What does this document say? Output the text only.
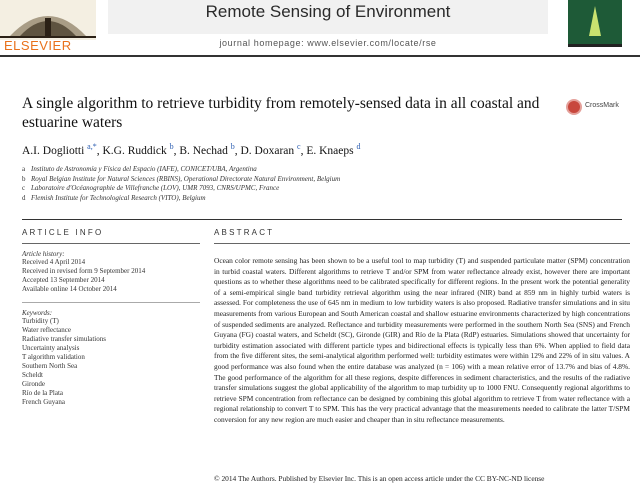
ELSEVIER
Remote Sensing of Environment
journal homepage: www.elsevier.com/locate/rse
A single algorithm to retrieve turbidity from remotely-sensed data in all coastal and estuarine waters
CrossMark
A.I. Dogliotti $^{a,*}$, K.G. Ruddick $^b$, B. Nechad $^b$, D. Doxaran $^c$, E. Knaeps $^d$
a Instituto de Astronomía y Física del Espacio (IAFE), CONICET/UBA, Argentina
b Royal Belgian Institute for Natural Sciences (RBINS), Operational Directorate Natural Environment, Belgium
c Laboratoire d'Océanographie de Villefranche (LOV), UMR 7093, CNRS/UPMC, France
d Flemish Institute for Technological Research (VITO), Belgium
ARTICLE INFO
Article history:
Received 4 April 2014
Received in revised form 9 September 2014
Accepted 13 September 2014
Available online 14 October 2014
Keywords:
Turbidity (T)
Water reflectance
Radiative transfer simulations
Uncertainty analysis
T algorithm validation
Southern North Sea
Scheldt
Gironde
Río de la Plata
French Guyana
ABSTRACT
Ocean color remote sensing has been shown to be a useful tool to map turbidity (T) and suspended particulate matter (SPM) concentration in turbid coastal waters. Different algorithms to retrieve T and/or SPM from water reflectance already exist, however there are important questions as to whether these algorithms need to be calibrated specifically for different regions. In the present work the potential generality of a semi-empirical single band turbidity retrieval algorithm using the near infrared (NIR) band at 859 nm in highly turbid waters is assessed. For completeness the use of 645 nm in medium to low turbidity waters is also proposed. Radiative transfer simulations and in situ measurements from various European and South American coastal and shallow estuarine environments characterized by high concentrations of suspended sediments are analyzed. Reflectance and turbidity measurements were performed in the southern North Sea (SNS) and French Guyana (FG) coastal waters, and Scheldt (SC), Gironde (GIR) and Río de la Plata (RdP) estuaries. Simulations showed that uncertainty for turbidity estimation associated with different particle types and bidirectional effects is typically less than 6%. When applied to field data from the five different sites, the semi-analytical algorithm performed well: turbidity estimates were within 12% and 22% of in situ values. A good performance was also found when the entire database was analyzed (n = 106) with a mean relative error of 13.7% and bias of 4.8%. The good performance of the algorithm for all these regions, despite differences in sediment characteristics, and the results of the radiative transfer simulations suggest the global applicability of the algorithm to map turbidity up to 1000 FNU. Consequently regional algorithms to retrieve SPM concentration from reflectance can be designed by combining this global algorithm to retrieve T from water reflectance with a regional relationship to convert T to SPM. This has the very practical advantage that the measurements needed to calibrate the latter T/SPM conversion for any new region are much easier and cheaper than in situ reflectance measurements.
© 2014 The Authors. Published by Elsevier Inc. This is an open access article under the CC BY-NC-ND license
